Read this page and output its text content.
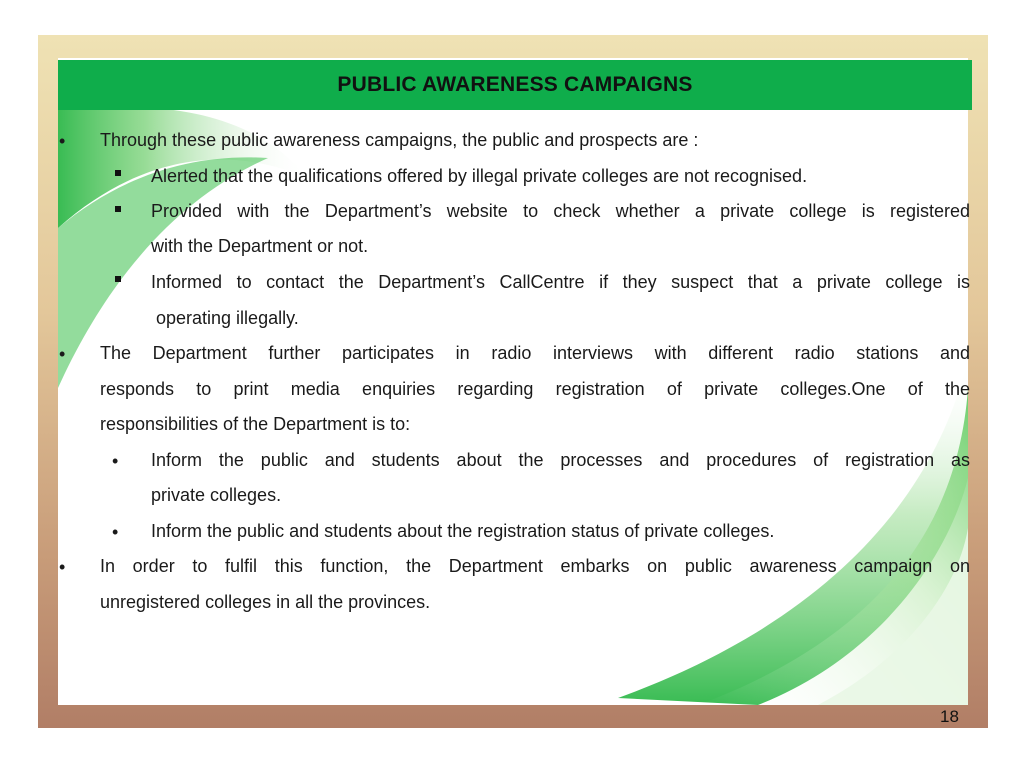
PUBLIC AWARENESS CAMPAIGNS
• Through these public awareness campaigns, the public and prospects are :
Alerted that the qualifications offered by illegal private colleges are not recognised.
Provided with the Department’s website to check whether a private college is registered
with the Department or not.
Informed to contact the Department’s CallCentre if they suspect that a private college is
operating illegally.
• The Department further participates in radio interviews with different radio stations and
responds to print media enquiries regarding registration of private colleges.One of the
responsibilities of the Department is to:
• Inform the public and students about the processes and procedures of registration as
private colleges.
• Inform the public and students about the registration status of private colleges.
• In order to fulfil this function, the Department embarks on public awareness campaign on
unregistered colleges in all the provinces.
18
